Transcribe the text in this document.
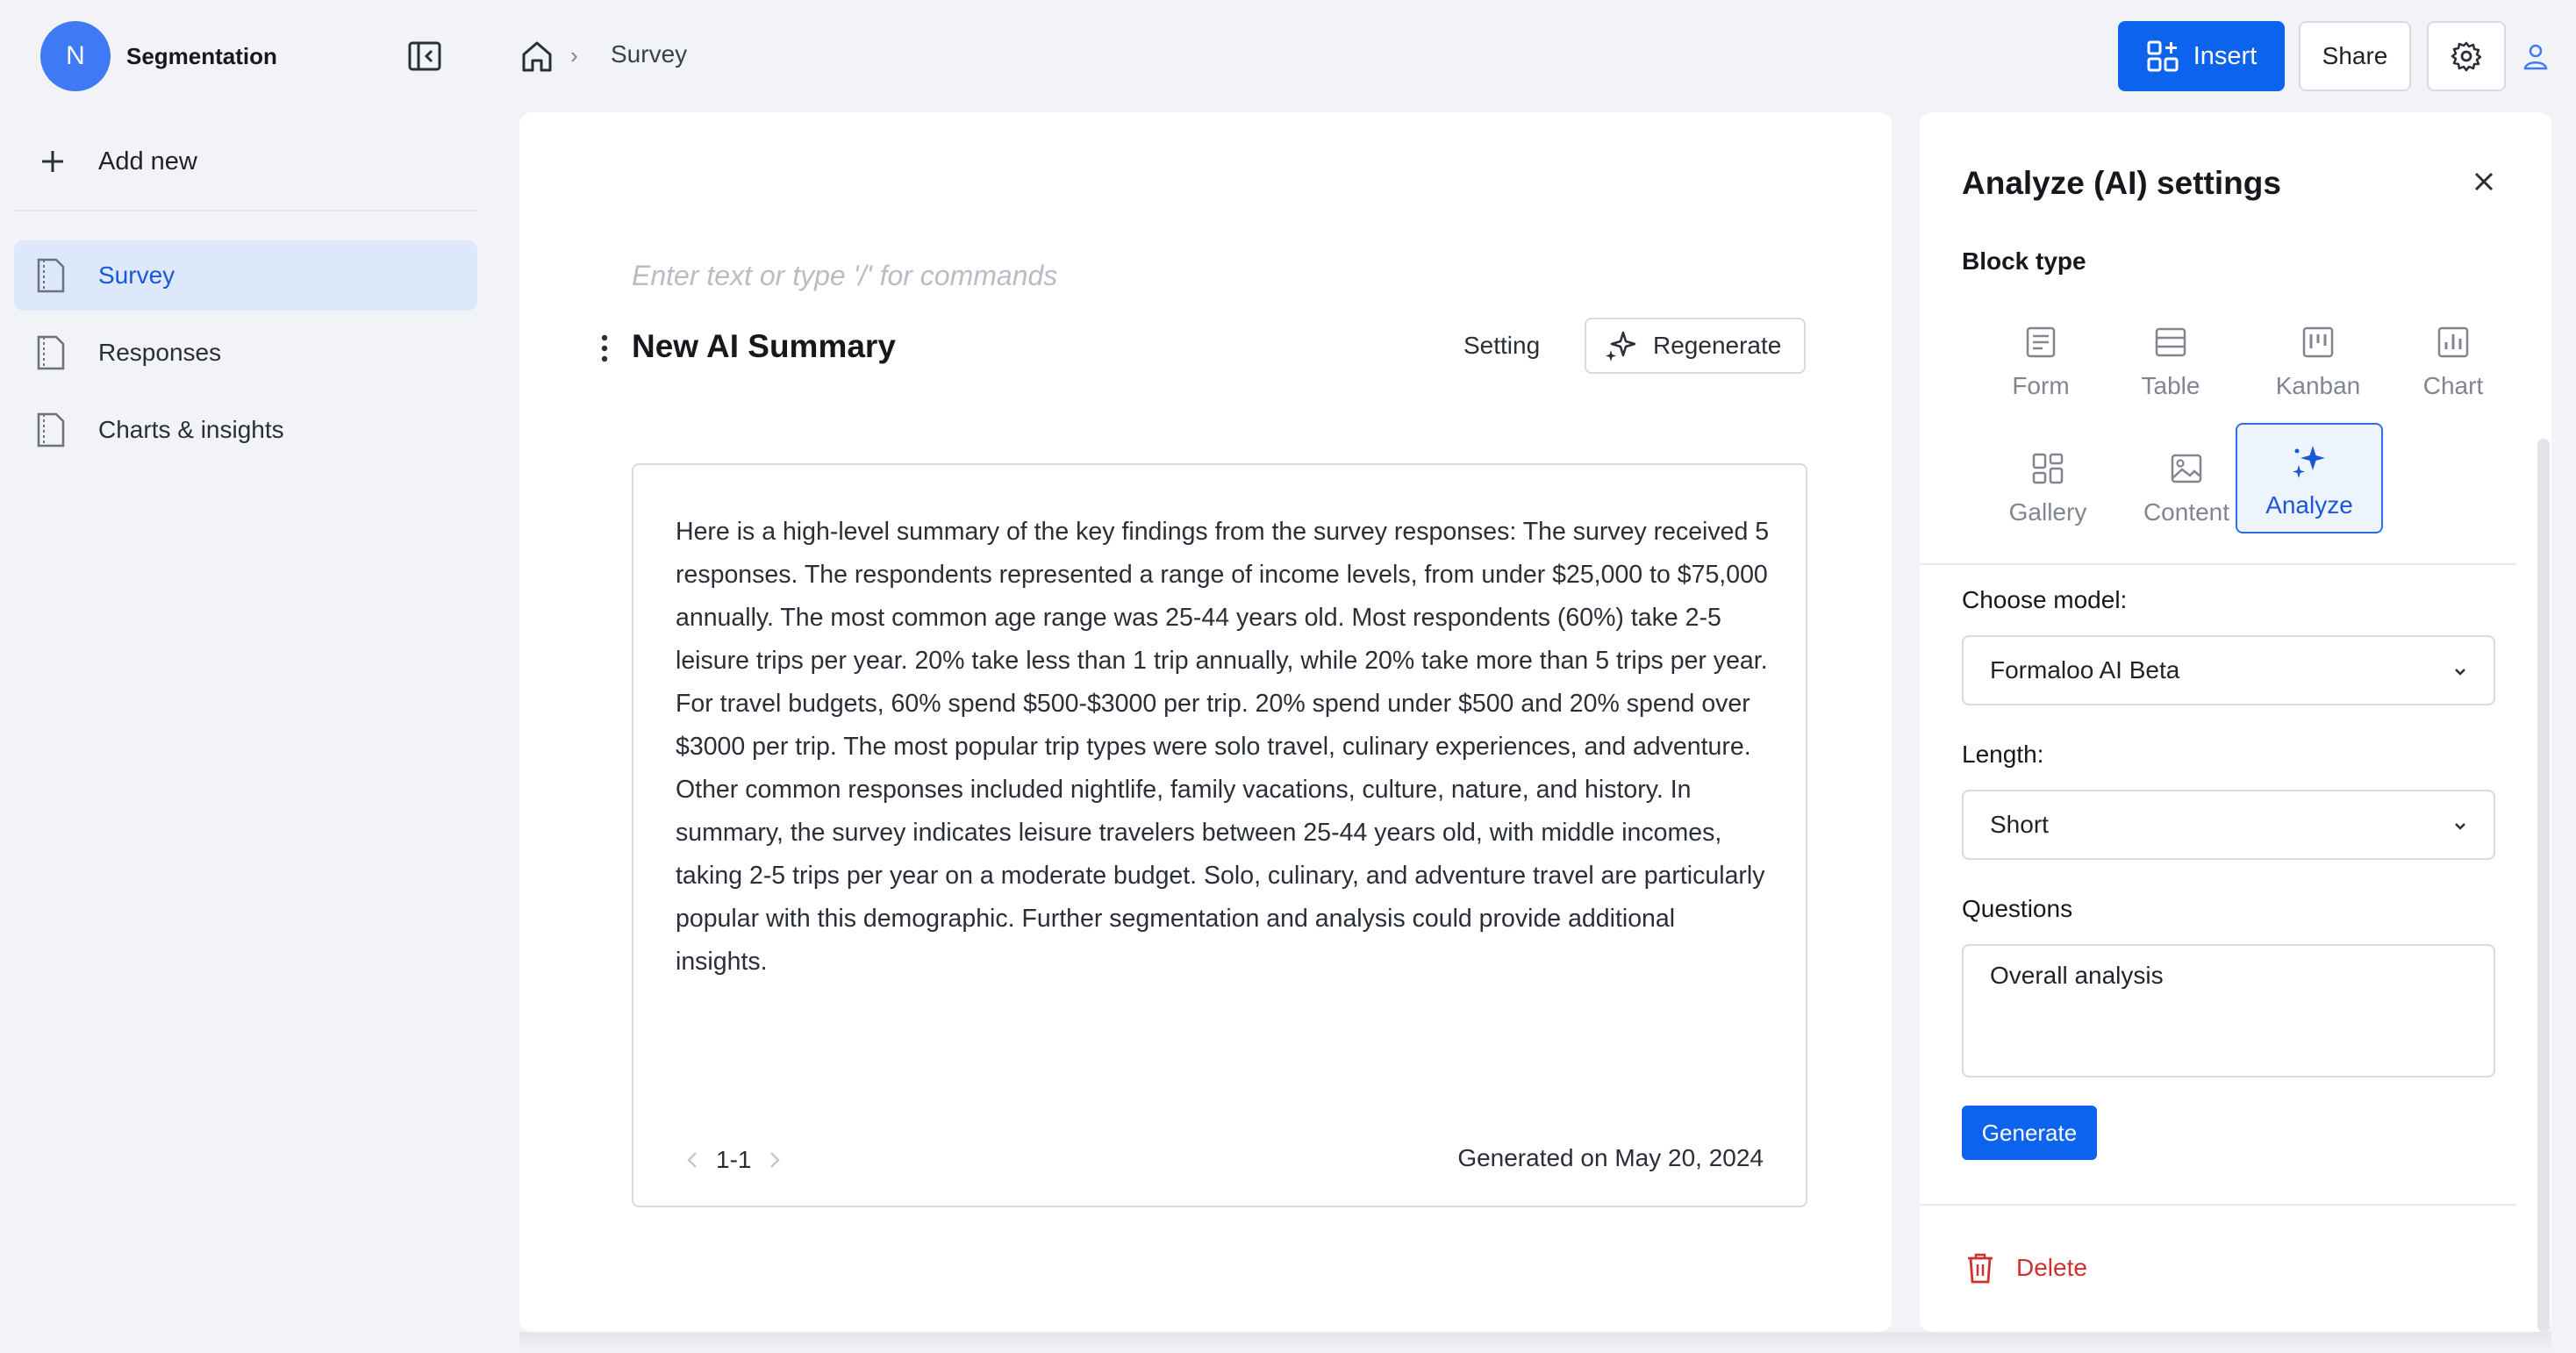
N	Segmentation
Add new
Survey
Responses
Charts & insights
› Survey	Insert	Share
Enter text or type '/' for commands
New AI Summary	Setting	Regenerate
Here is a high-level summary of the key findings from the survey responses: The survey received 5 responses. The respondents represented a range of income levels, from under $25,000 to $75,000 annually. The most common age range was 25-44 years old. Most respondents (60%) take 2-5 leisure trips per year. 20% take less than 1 trip annually, while 20% take more than 5 trips per year. For travel budgets, 60% spend $500-$3000 per trip. 20% spend under $500 and 20% spend over $3000 per trip. The most popular trip types were solo travel, culinary experiences, and adventure. Other common responses included nightlife, family vacations, culture, nature, and history. In summary, the survey indicates leisure travelers between 25-44 years old, with middle incomes, taking 2-5 trips per year on a moderate budget. Solo, culinary, and adventure travel are particularly popular with this demographic. Further segmentation and analysis could provide additional insights.
1-1	Generated on May 20, 2024
Analyze (AI) settings
Block type
Form	Table	Kanban	Chart
Gallery	Content	Analyze
Choose model:
Formaloo AI Beta
Length:
Short
Questions
Overall analysis
Generate
Delete
